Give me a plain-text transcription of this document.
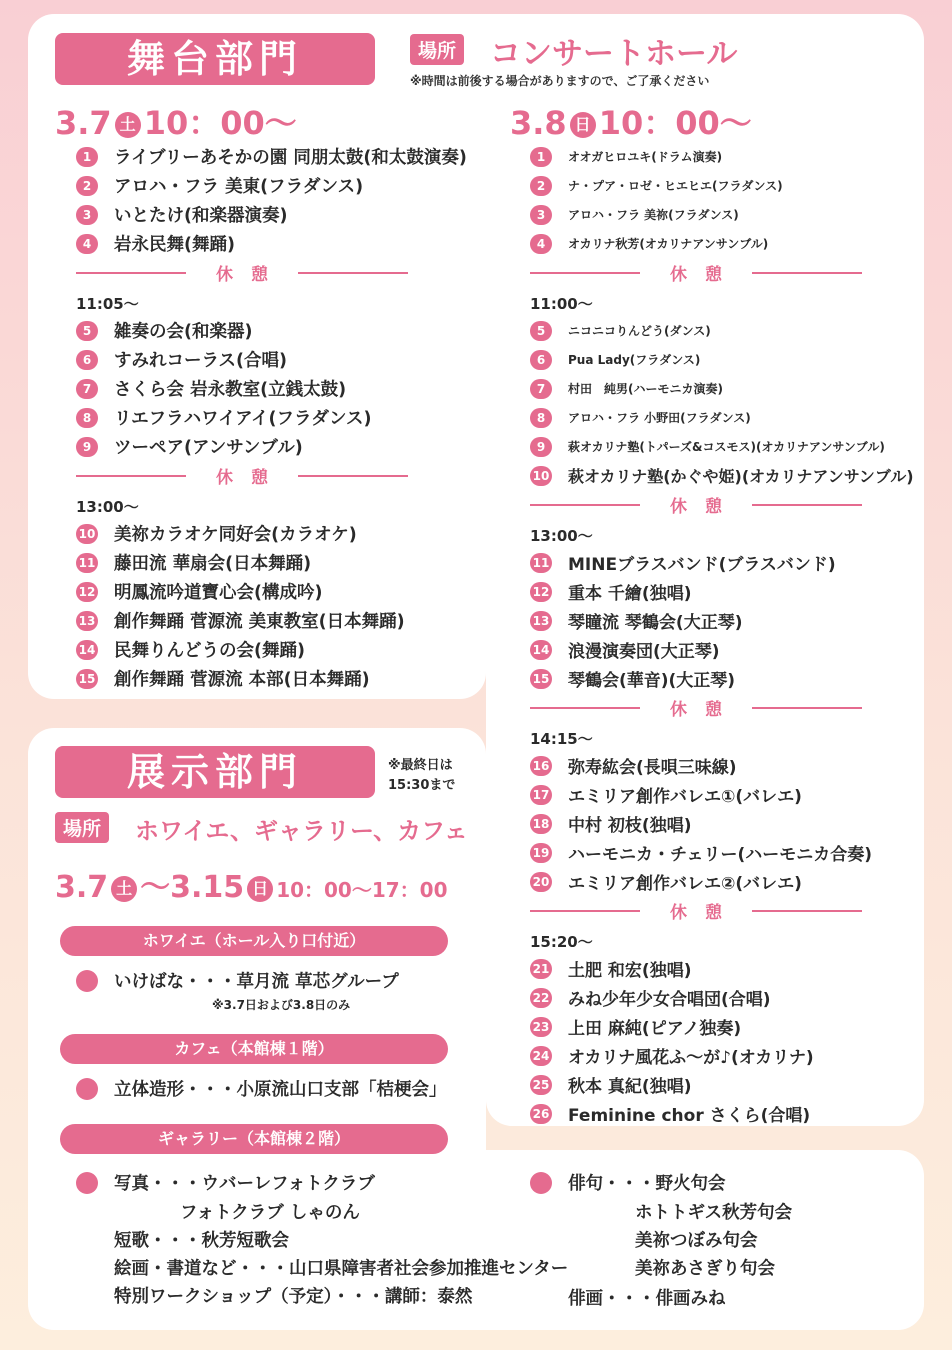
舞台部門	場所 コンサートホール
※時間は前後する場合がありますので、ご了承ください
3.7 土 10：00〜	3.8 日 10：00〜
1	ライブリーあそかの園 同朋太鼓(和太鼓演奏)
2	アロハ・フラ 美東(フラダンス)
3	いとたけ(和楽器演奏)
4	岩永民舞(舞踊)
休憩
11:05〜
5	雑奏の会(和楽器)
6	すみれコーラス(合唱)
7	さくら会 岩永教室(立銭太鼓)
8	リエフラハワイアイ(フラダンス)
9	ツーペア(アンサンブル)
休憩
13:00〜
10 美祢カラオケ同好会(カラオケ)
11 藤田流 華扇会(日本舞踊)
12 明鳳流吟道寶心会(構成吟)
13 創作舞踊 菅源流 美東教室(日本舞踊)
14 民舞りんどうの会(舞踊)
15 創作舞踊 菅源流 本部(日本舞踊)
1	オオガヒロユキ(ドラム演奏)
2	ナ・プア・ロゼ・ヒエヒエ(フラダンス)
3	アロハ・フラ 美祢(フラダンス)
4	オカリナ秋芳(オカリナアンサンブル)
休憩
11:00〜
5	ニコニコりんどう(ダンス)
6	Pua Lady(フラダンス)
7	村田　純男(ハーモニカ演奏)
8	アロハ・フラ 小野田(フラダンス)
9	萩オカリナ塾(トパーズ&コスモス)(オカリナアンサンブル)
10 萩オカリナ塾(かぐや姫)(オカリナアンサンブル)
休憩
13:00〜
11 MINEブラスバンド(ブラスバンド)
12 重本 千繪(独唱)
13 琴瞳流 琴鶴会(大正琴)
14 浪漫演奏団(大正琴)
15 琴鶴会(華音)(大正琴)
休憩
14:15〜
16 弥寿紘会(長唄三味線)
17 エミリア創作バレエ①(バレエ)
18 中村 初枝(独唱)
19 ハーモニカ・チェリー(ハーモニカ合奏)
20 エミリア創作バレエ②(バレエ)
休憩
15:20〜
21 土肥 和宏(独唱)
22 みね少年少女合唱団(合唱)
23 上田 麻純(ピアノ独奏)
24 オカリナ風花ふ〜が♪(オカリナ)
25 秋本 真紀(独唱)
26 Feminine chor さくら(合唱)
展示部門	※最終日は
15:30まで
場所	ホワイエ、ギャラリー、カフェ
3.7 土 〜3.15 日 10：00〜17：00
ホワイエ（ホール入り口付近）
いけばな・・・草月流 草芯グループ
※3.7日および3.8日のみ
カフェ（本館棟１階）
立体造形・・・小原流山口支部「桔梗会」
ギャラリー（本館棟２階）
写真・・・ウバーレフォトクラブ
フォトクラブ しゃのん
短歌・・・秋芳短歌会
絵画・書道など・・・山口県障害者社会参加推進センター
特別ワークショップ（予定）・・・講師：泰然
俳句・・・野火句会
ホトトギス秋芳句会
美祢つぼみ句会
美祢あさぎり句会
俳画・・・俳画みね
